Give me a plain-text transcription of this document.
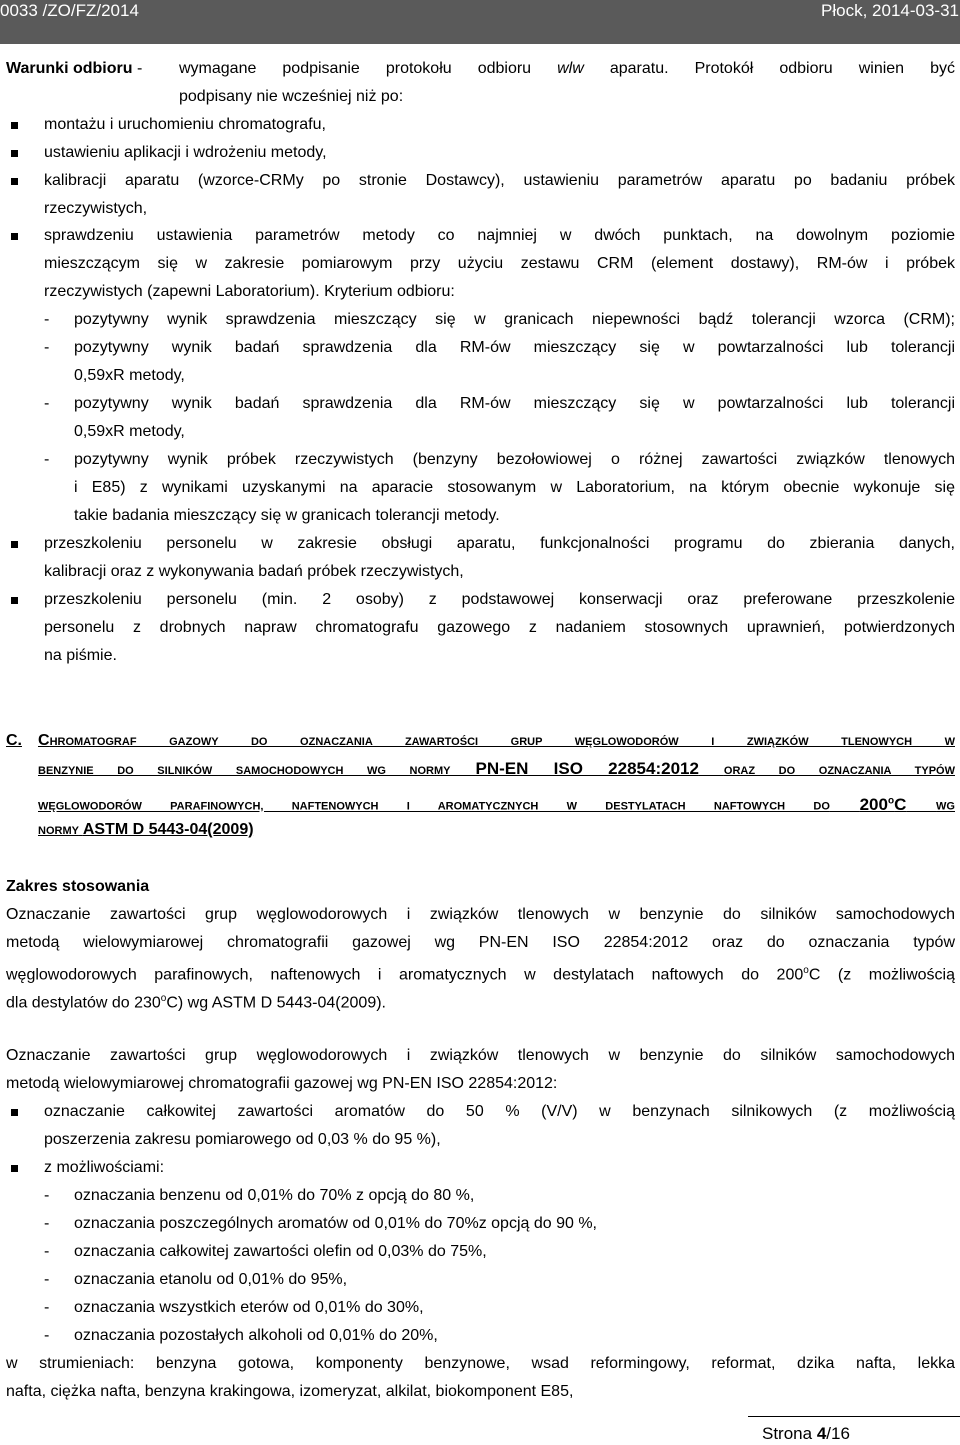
0033 /ZO/FZ/2014	Płock, 2014-03-31
Warunki odbioru - wymagane podpisanie protokołu odbioru wlw aparatu. Protokół odbioru winien być
podpisany nie wcześniej niż po:
montażu i uruchomieniu chromatografu,
ustawieniu aplikacji i wdrożeniu metody,
kalibracji aparatu (wzorce-CRMy po stronie Dostawcy), ustawieniu parametrów aparatu po badaniu próbek
rzeczywistych,
sprawdzeniu ustawienia parametrów metody co najmniej w dwóch punktach, na dowolnym poziomie
mieszczącym się w zakresie pomiarowym przy użyciu zestawu CRM (element dostawy), RM-ów i próbek
rzeczywistych (zapewni Laboratorium). Kryterium odbioru:
- pozytywny wynik sprawdzenia mieszczący się w granicach niepewności bądź tolerancji wzorca (CRM);
- pozytywny wynik badań sprawdzenia dla RM-ów mieszczący się w powtarzalności lub tolerancji
0,59xR metody,
- pozytywny wynik badań sprawdzenia dla RM-ów mieszczący się w powtarzalności lub tolerancji
0,59xR metody,
- pozytywny wynik próbek rzeczywistych (benzyny bezołowiowej o różnej zawartości związków tlenowych
i E85) z wynikami uzyskanymi na aparacie stosowanym w Laboratorium, na którym obecnie wykonuje się
takie badania mieszczący się w granicach tolerancji metody.
przeszkoleniu personelu w zakresie obsługi aparatu, funkcjonalności programu do zbierania danych,
kalibracji oraz z wykonywania badań próbek rzeczywistych,
przeszkoleniu personelu (min. 2 osoby) z podstawowej konserwacji oraz preferowane przeszkolenie
personelu z drobnych napraw chromatografu gazowego z nadaniem stosownych uprawnień, potwierdzonych
na piśmie.
C. CHROMATOGRAF GAZOWY DO OZNACZANIA ZAWARTOŚCI GRUP WĘGLOWODORÓW I ZWIĄZKÓW TLENOWYCH W
BENZYNIE DO SILNIKÓW SAMOCHODOWYCH WG NORMY PN-EN ISO 22854:2012 ORAZ DO OZNACZANIA TYPÓW
WĘGLOWODORÓW PARAFINOWYCH, NAFTENOWYCH I AROMATYCZNYCH W DESTYLATACH NAFTOWYCH DO 200$^o$C	WG
NORMY ASTM D 5443-04(2009)
Zakres stosowania
Oznaczanie zawartości grup węglowodorowych i związków tlenowych w benzynie do silników samochodowych
metodą wielowymiarowej chromatografii gazowej wg PN-EN ISO 22854:2012 oraz do oznaczania typów
węglowodorowych parafinowych, naftenowych i aromatycznych w destylatach naftowych do 200$^o$C (z możliwością
dla destylatów do 230$^o$C) wg ASTM D 5443-04(2009).
Oznaczanie zawartości grup węglowodorowych i związków tlenowych w benzynie do silników samochodowych
metodą wielowymiarowej chromatografii gazowej wg PN-EN ISO 22854:2012:
oznaczanie całkowitej zawartości aromatów do 50 % (V/V) w benzynach silnikowych (z możliwością
poszerzenia zakresu pomiarowego od 0,03 % do 95 %),
z możliwościami:
- oznaczania benzenu od 0,01% do 70% z opcją do 80 %,
- oznaczania poszczególnych aromatów od 0,01% do 70%z opcją do 90 %,
- oznaczania całkowitej zawartości olefin od 0,03% do 75%,
- oznaczania etanolu od 0,01% do 95%,
- oznaczania wszystkich eterów od 0,01% do 30%,
- oznaczania pozostałych alkoholi od 0,01% do 20%,
w strumieniach: benzyna gotowa, komponenty benzynowe, wsad reformingowy, reformat, dzika nafta, lekka
nafta, ciężka nafta, benzyna krakingowa, izomeryzat, alkilat, biokomponent E85,
Strona 4/16
